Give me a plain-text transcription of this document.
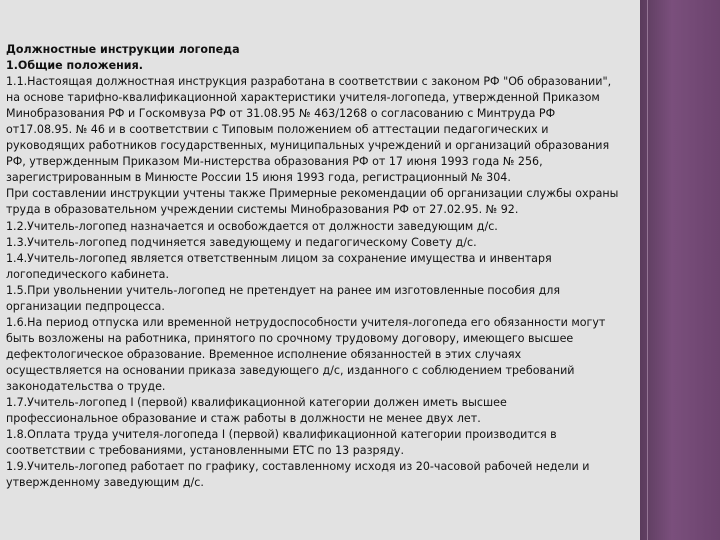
Должностные инструкции логопеда

1.Общие положения.

1.1.Настоящая должностная инструкция разработана в соответствии с законом РФ "Об образовании",

на основе тарифно-квалификационной характеристики учителя-логопеда, утвержденной Приказом

Минобразования РФ и Госкомвуза РФ от 31.08.95 № 463/1268 о согласованию с Минтруда РФ

от17.08.95. № 46 и в соответствии с Типовым положением об аттестации педагогических и

руководящих работников государственных, муниципальных учреждений и организаций образования

РФ, утвержденным Приказом Ми-нистерства образования РФ от 17 июня 1993 года № 256,

зарегистрированным в Минюсте России 15 июня 1993 года, регистрационный № 304.

При составлении инструкции учтены также Примерные рекомендации об организации службы охраны

труда в образовательном учреждении системы Минобразования РФ от 27.02.95. № 92.

1.2.Учитель-логопед назначается и освобождается от должности заведующим д/с.

1.3.Учитель-логопед подчиняется заведующему и педагогическому Совету д/с.

1.4.Учитель-логопед является ответственным лицом за сохранение имущества и инвентаря

логопедического кабинета.

1.5.При увольнении учитель-логопед не претендует на ранее им изготовленные пособия для

организации педпроцесса.

1.6.На период отпуска или временной нетрудоспособности учителя-логопеда его обязанности могут

быть возложены на работника, принятого по срочному трудовому договору, имеющего высшее

дефектологическое образование. Временное исполнение обязанностей в этих случаях

осуществляется на основании приказа заведующего д/с, изданного с соблюдением требований

законодательства о труде.

1.7.Учитель-логопед I (первой) квалификационной категории должен иметь высшее

профессиональное образование и стаж работы в должности не менее двух лет.

1.8.Оплата труда учителя-логопеда I (первой) квалификационной категории производится в

соответствии с требованиями, установленными ЕТС по 13 разряду.

1.9.Учитель-логопед работает по графику, составленному исходя из 20-часовой рабочей недели и

утвержденному заведующим д/с.
